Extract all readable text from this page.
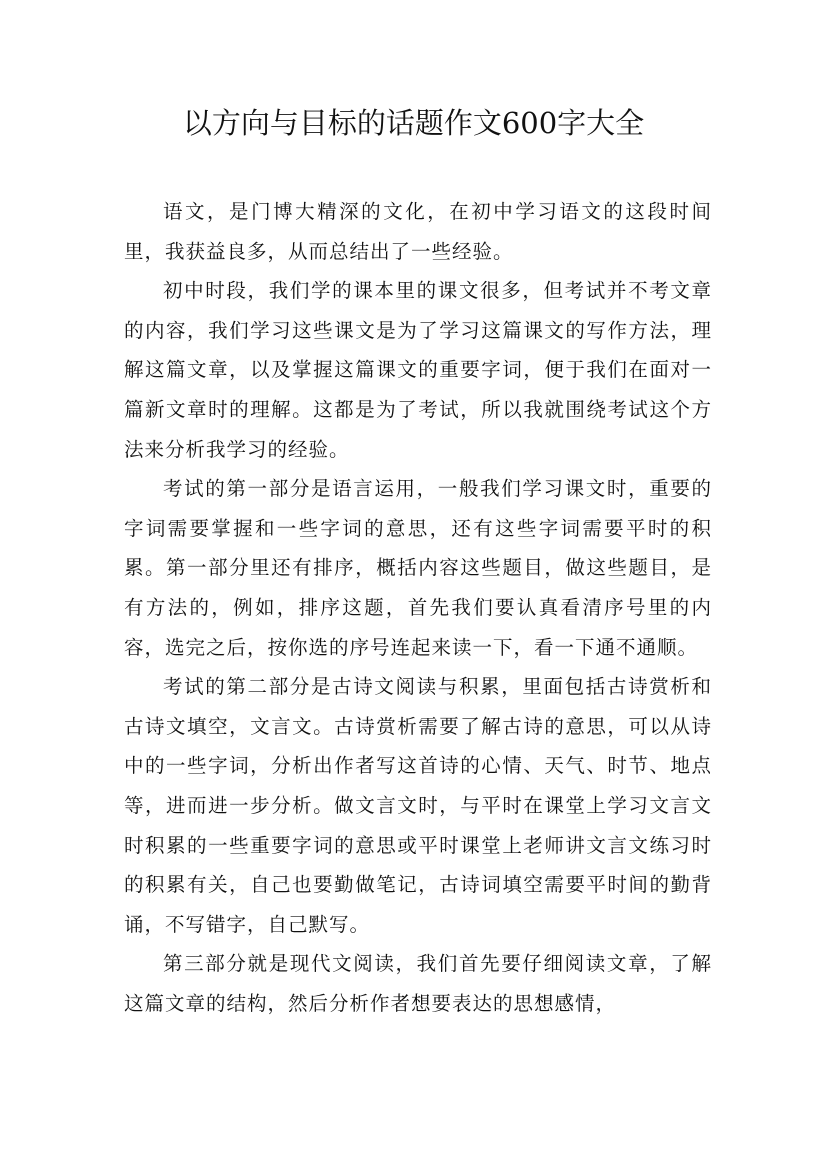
以方向与目标的话题作文600字大全

语文，是门博大精深的文化，在初中学习语文的这段时间里，我获益良多，从而总结出了一些经验。

初中时段，我们学的课本里的课文很多，但考试并不考文章的内容，我们学习这些课文是为了学习这篇课文的写作方法，理解这篇文章，以及掌握这篇课文的重要字词，便于我们在面对一篇新文章时的理解。这都是为了考试，所以我就围绕考试这个方法来分析我学习的经验。

考试的第一部分是语言运用，一般我们学习课文时，重要的字词需要掌握和一些字词的意思，还有这些字词需要平时的积累。第一部分里还有排序，概括内容这些题目，做这些题目，是有方法的，例如，排序这题，首先我们要认真看清序号里的内容，选完之后，按你选的序号连起来读一下，看一下通不通顺。

考试的第二部分是古诗文阅读与积累，里面包括古诗赏析和古诗文填空，文言文。古诗赏析需要了解古诗的意思，可以从诗中的一些字词，分析出作者写这首诗的心情、天气、时节、地点等，进而进一步分析。做文言文时，与平时在课堂上学习文言文时积累的一些重要字词的意思或平时课堂上老师讲文言文练习时的积累有关，自己也要勤做笔记，古诗词填空需要平时间的勤背诵，不写错字，自己默写。

第三部分就是现代文阅读，我们首先要仔细阅读文章，了解这篇文章的结构，然后分析作者想要表达的思想感情，
